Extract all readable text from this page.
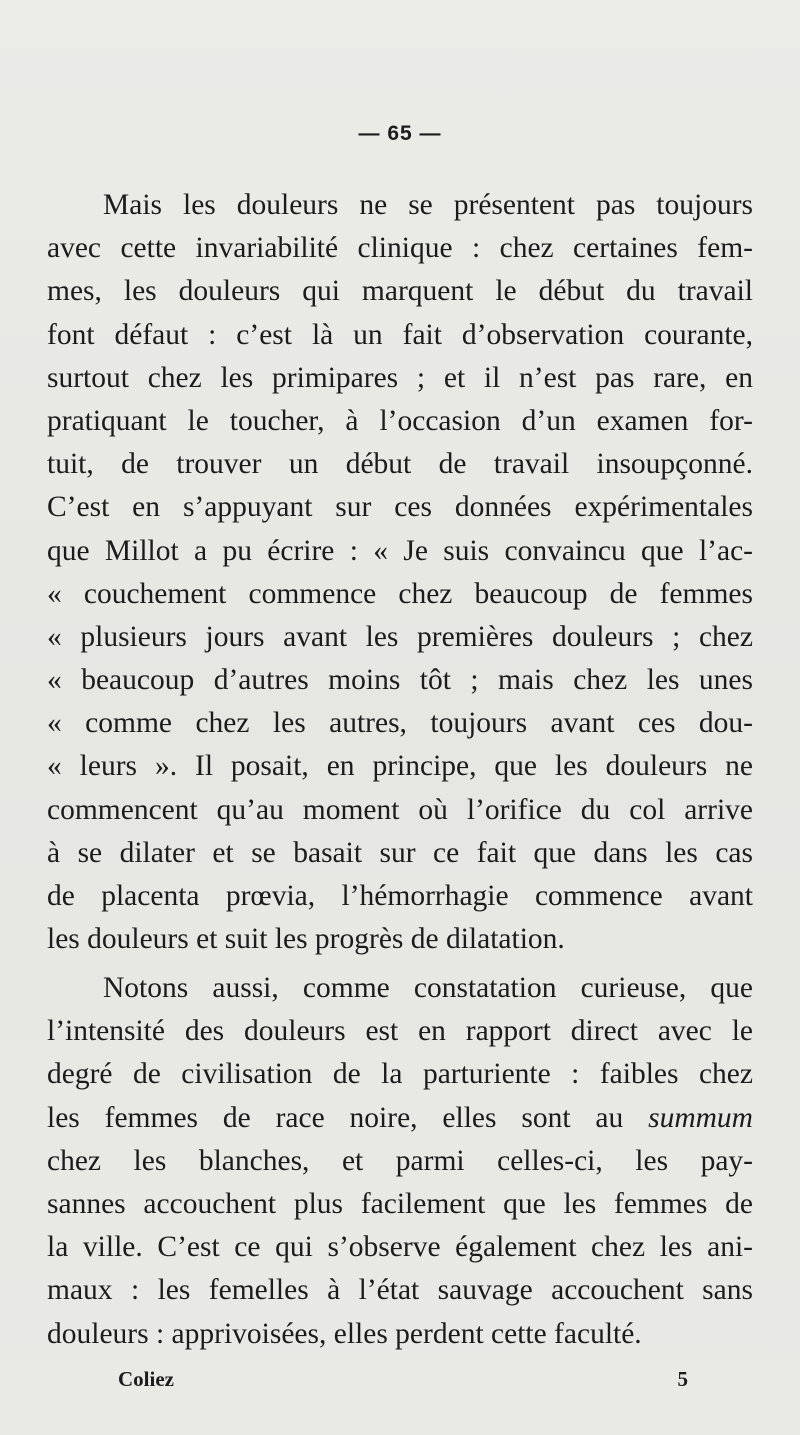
— 65 —
Mais les douleurs ne se présentent pas toujours
avec cette invariabilité clinique : chez certaines fem-
mes, les douleurs qui marquent le début du travail
font défaut : c’est là un fait d’observation courante,
surtout chez les primipares ; et il n’est pas rare, en
pratiquant le toucher, à l’occasion d’un examen for-
tuit, de trouver un début de travail insoupçonné.
C’est en s’appuyant sur ces données expérimentales
que Millot a pu écrire : « Je suis convaincu que l’ac-
« couchement commence chez beaucoup de femmes
« plusieurs jours avant les premières douleurs ; chez
« beaucoup d’autres moins tôt ; mais chez les unes
« comme chez les autres, toujours avant ces dou-
« leurs ». Il posait, en principe, que les douleurs ne
commencent qu’au moment où l’orifice du col arrive
à se dilater et se basait sur ce fait que dans les cas
de placenta prœvia, l’hémorrhagie commence avant
les douleurs et suit les progrès de dilatation.
Notons aussi, comme constatation curieuse, que
l’intensité des douleurs est en rapport direct avec le
degré de civilisation de la parturiente : faibles chez
les femmes de race noire, elles sont au summum
chez les blanches, et parmi celles-ci, les pay-
sannes accouchent plus facilement que les femmes de
la ville. C’est ce qui s’observe également chez les ani-
maux : les femelles à l’état sauvage accouchent sans
douleurs : apprivoisées, elles perdent cette faculté.
Coliez	5
